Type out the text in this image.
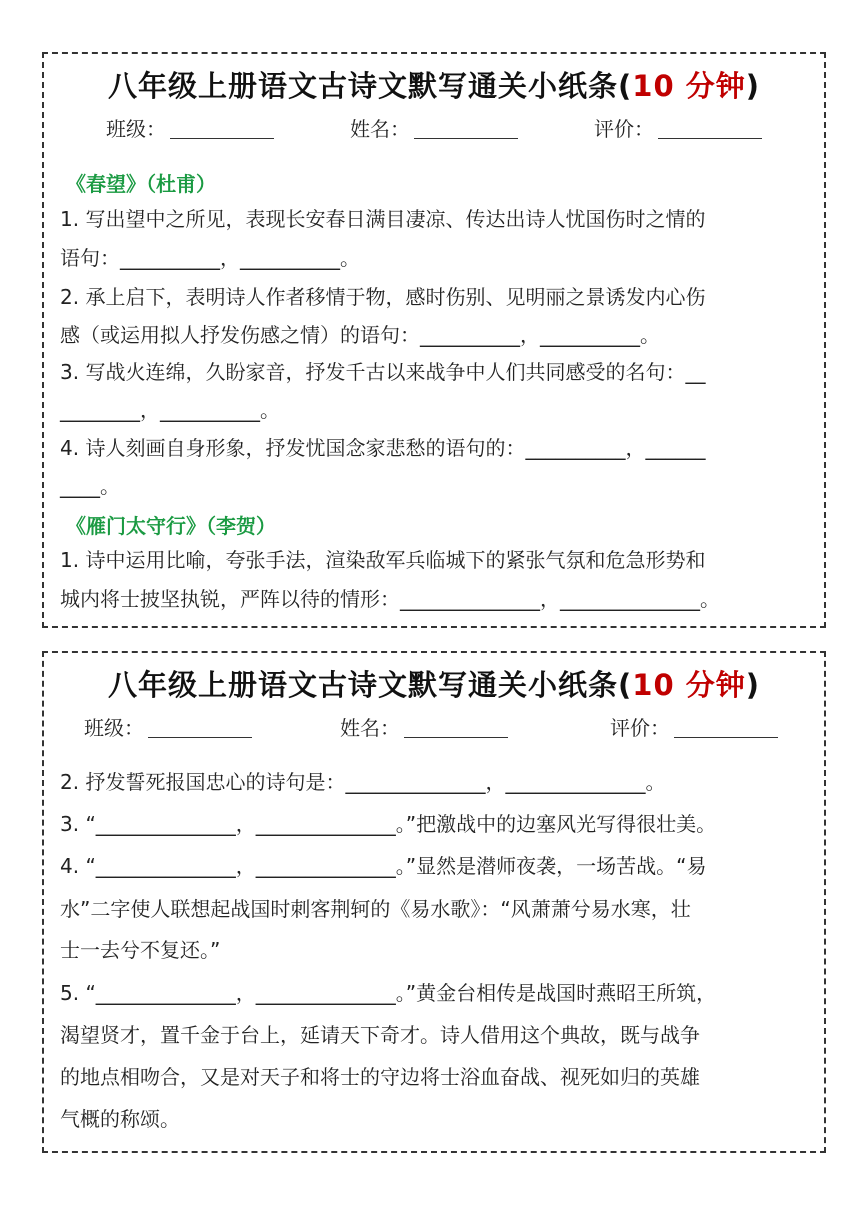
八年级上册语文古诗文默写通关小纸条(10 分钟)
班级：	姓名：	评价：
《春望》（杜甫）
1. 写出望中之所见，表现长安春日满目凄凉、传达出诗人忧国伤时之情的
语句：__________，__________。
2. 承上启下，表明诗人作者移情于物，感时伤别、见明丽之景诱发内心伤
感（或运用拟人抒发伤感之情）的语句：__________，__________。
3. 写战火连绵，久盼家音，抒发千古以来战争中人们共同感受的名句：__
________，__________。
4. 诗人刻画自身形象，抒发忧国念家悲愁的语句的：__________，______
____。
《雁门太守行》（李贺）
1. 诗中运用比喻，夸张手法，渲染敌军兵临城下的紧张气氛和危急形势和
城内将士披坚执锐，严阵以待的情形：______________，______________。
八年级上册语文古诗文默写通关小纸条(10 分钟)
班级：	姓名：	评价：
2. 抒发誓死报国忠心的诗句是：______________，______________。
3. “______________，______________。”把激战中的边塞风光写得很壮美。
4. “______________，______________。”显然是潜师夜袭，一场苦战。“易
水”二字使人联想起战国时刺客荆轲的《易水歌》：“风萧萧兮易水寒，壮
士一去兮不复还。”
5. “______________，______________。”黄金台相传是战国时燕昭王所筑，
渴望贤才，置千金于台上，延请天下奇才。诗人借用这个典故，既与战争
的地点相吻合，又是对天子和将士的守边将士浴血奋战、视死如归的英雄
气概的称颂。
